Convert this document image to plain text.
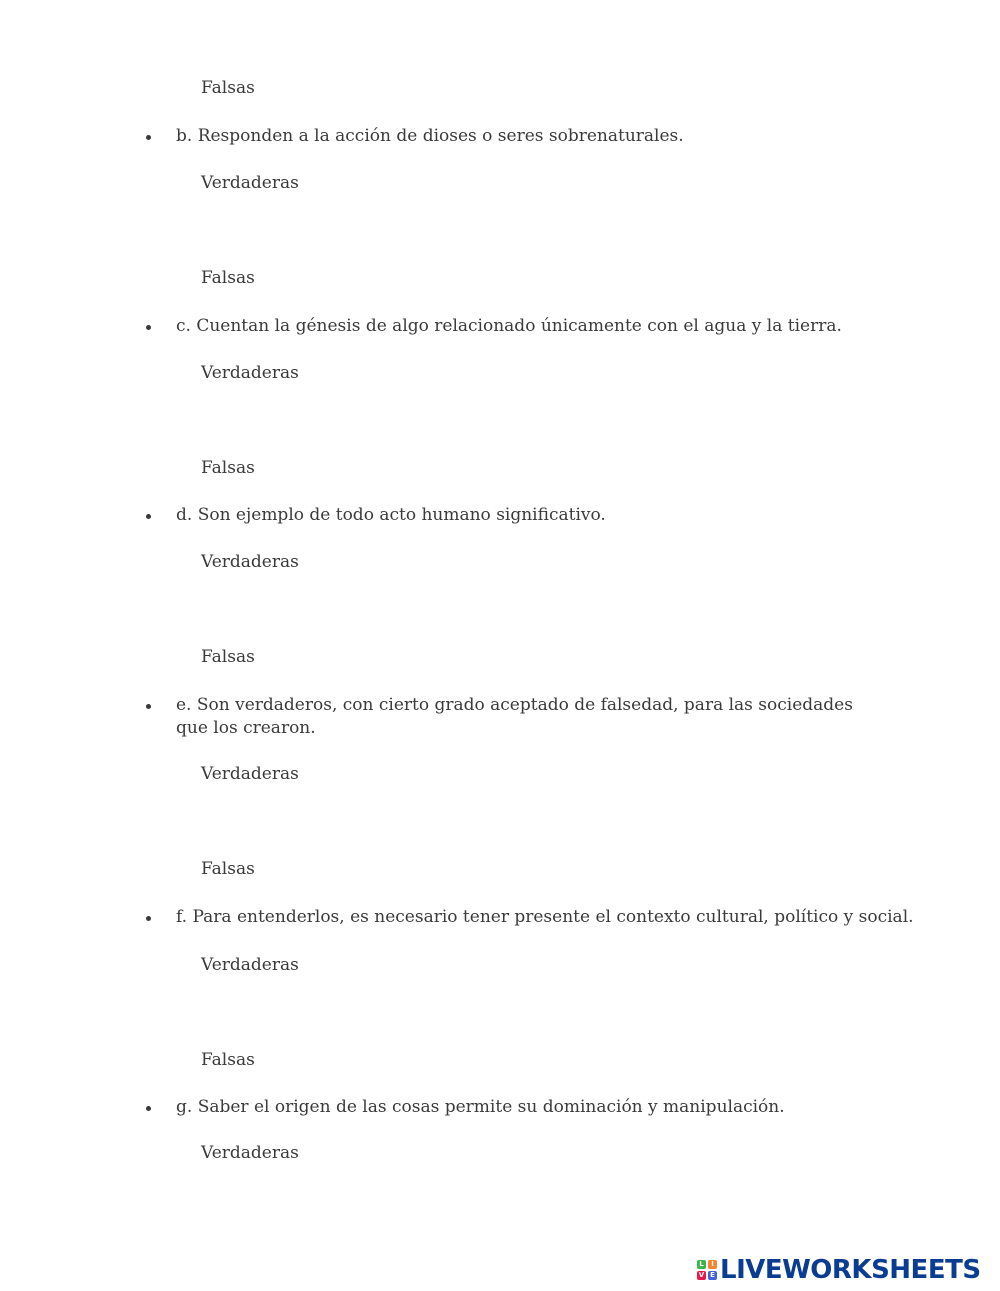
Falsas
b. Responden a la acción de dioses o seres sobrenaturales.
Verdaderas
Falsas
c. Cuentan la génesis de algo relacionado únicamente con el agua y la tierra.
Verdaderas
Falsas
d. Son ejemplo de todo acto humano significativo.
Verdaderas
Falsas
e. Son verdaderos, con cierto grado aceptado de falsedad, para las sociedades que los crearon.
Verdaderas
Falsas
f. Para entenderlos, es necesario tener presente el contexto cultural, político y social.
Verdaderas
Falsas
g. Saber el origen de las cosas permite su dominación y manipulación.
Verdaderas
L	I
V E LIVEWORKSHEETS
